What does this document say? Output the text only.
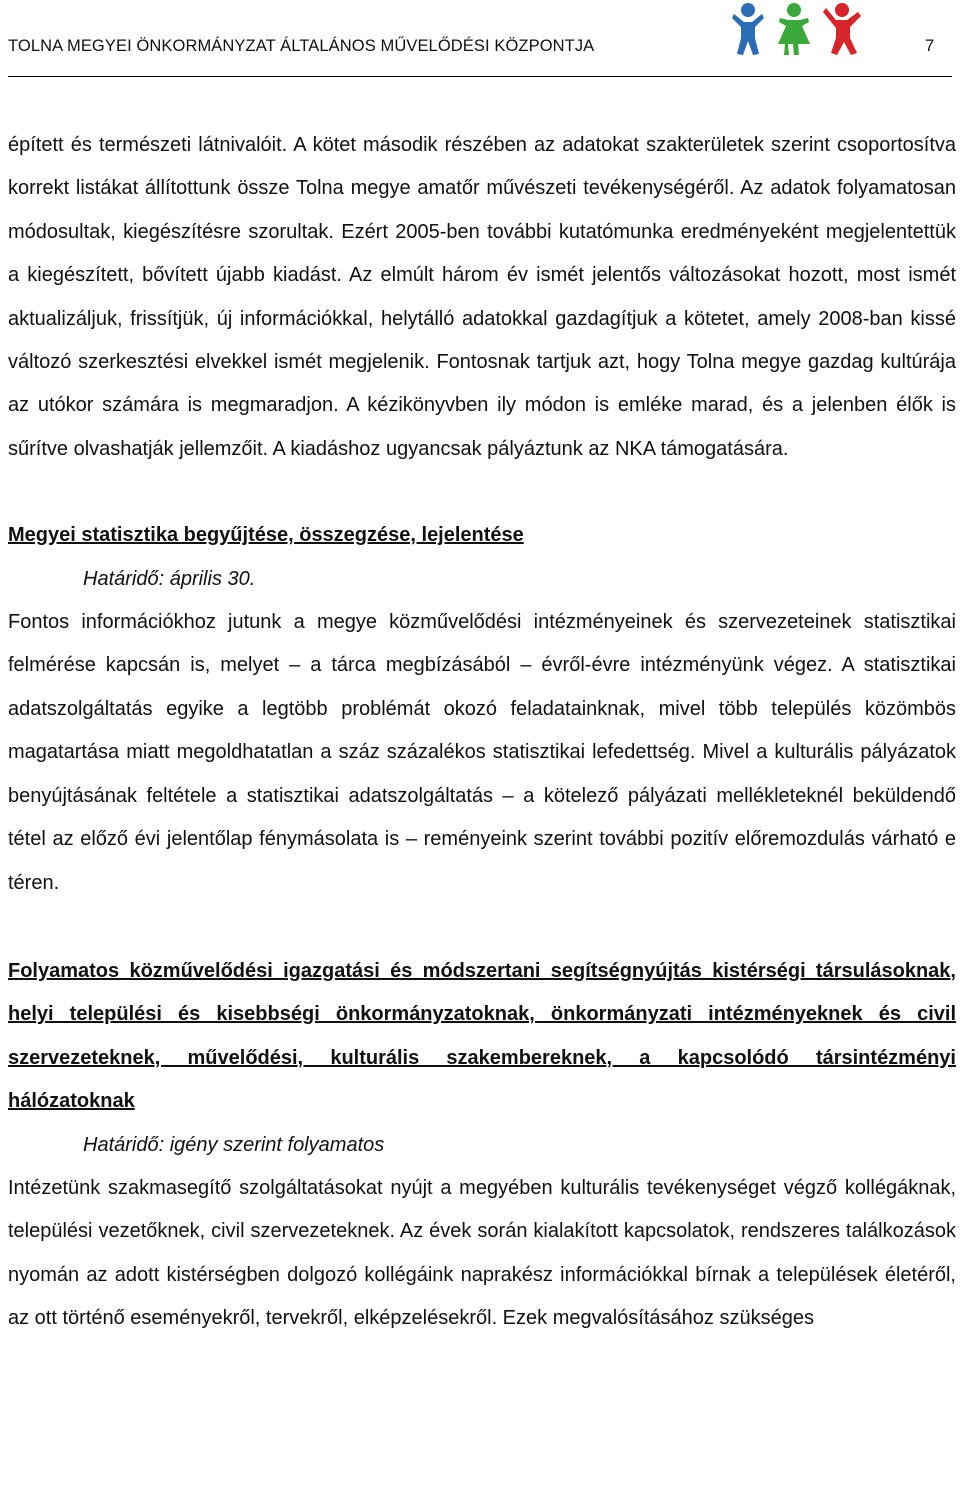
TOLNA MEGYEI ÖNKORMÁNYZAT ÁLTALÁNOS MŰVELŐDÉSI KÖZPONTJA	7

épített és természeti látnivalóit. A kötet második részében az adatokat szakterületek szerint csoportosítva korrekt listákat állítottunk össze Tolna megye amatőr művészeti tevékenységéről. Az adatok folyamatosan módosultak, kiegészítésre szorultak. Ezért 2005-ben további kutatómunka eredményeként megjelentettük a kiegészített, bővített újabb kiadást. Az elmúlt három év ismét jelentős változásokat hozott, most ismét aktualizáljuk, frissítjük, új információkkal, helytálló adatokkal gazdagítjuk a kötetet, amely 2008-ban kissé változó szerkesztési elvekkel ismét megjelenik. Fontosnak tartjuk azt, hogy Tolna megye gazdag kultúrája az utókor számára is megmaradjon. A kézikönyvben ily módon is emléke marad, és a jelenben élők is sűrítve olvashatják jellemzőit. A kiadáshoz ugyancsak pályáztunk az NKA támogatására.

Megyei statisztika begyűjtése, összegzése, lejelentése

Határidő: április 30.

Fontos információkhoz jutunk a megye közművelődési intézményeinek és szervezeteinek statisztikai felmérése kapcsán is, melyet – a tárca megbízásából – évről-évre intézményünk végez. A statisztikai adatszolgáltatás egyike a legtöbb problémát okozó feladatainknak, mivel több település közömbös magatartása miatt megoldhatatlan a száz százalékos statisztikai lefedettség. Mivel a kulturális pályázatok benyújtásának feltétele a statisztikai adatszolgáltatás – a kötelező pályázati mellékleteknél beküldendő tétel az előző évi jelentőlap fénymásolata is – reményeink szerint további pozitív előremozdulás várható e téren.

Folyamatos közművelődési igazgatási és módszertani segítségnyújtás kistérségi társulásoknak, helyi települési és kisebbségi önkormányzatoknak, önkormányzati intézményeknek és civil szervezeteknek, művelődési, kulturális szakembereknek, a kapcsolódó társintézményi hálózatoknak

Határidő: igény szerint folyamatos

Intézetünk szakmasegítő szolgáltatásokat nyújt a megyében kulturális tevékenységet végző kollégáknak, települési vezetőknek, civil szervezeteknek. Az évek során kialakított kapcsolatok, rendszeres találkozások nyomán az adott kistérségben dolgozó kollégáink naprakész információkkal bírnak a települések életéről, az ott történő eseményekről, tervekről, elképzelésekről. Ezek megvalósításához szükséges
